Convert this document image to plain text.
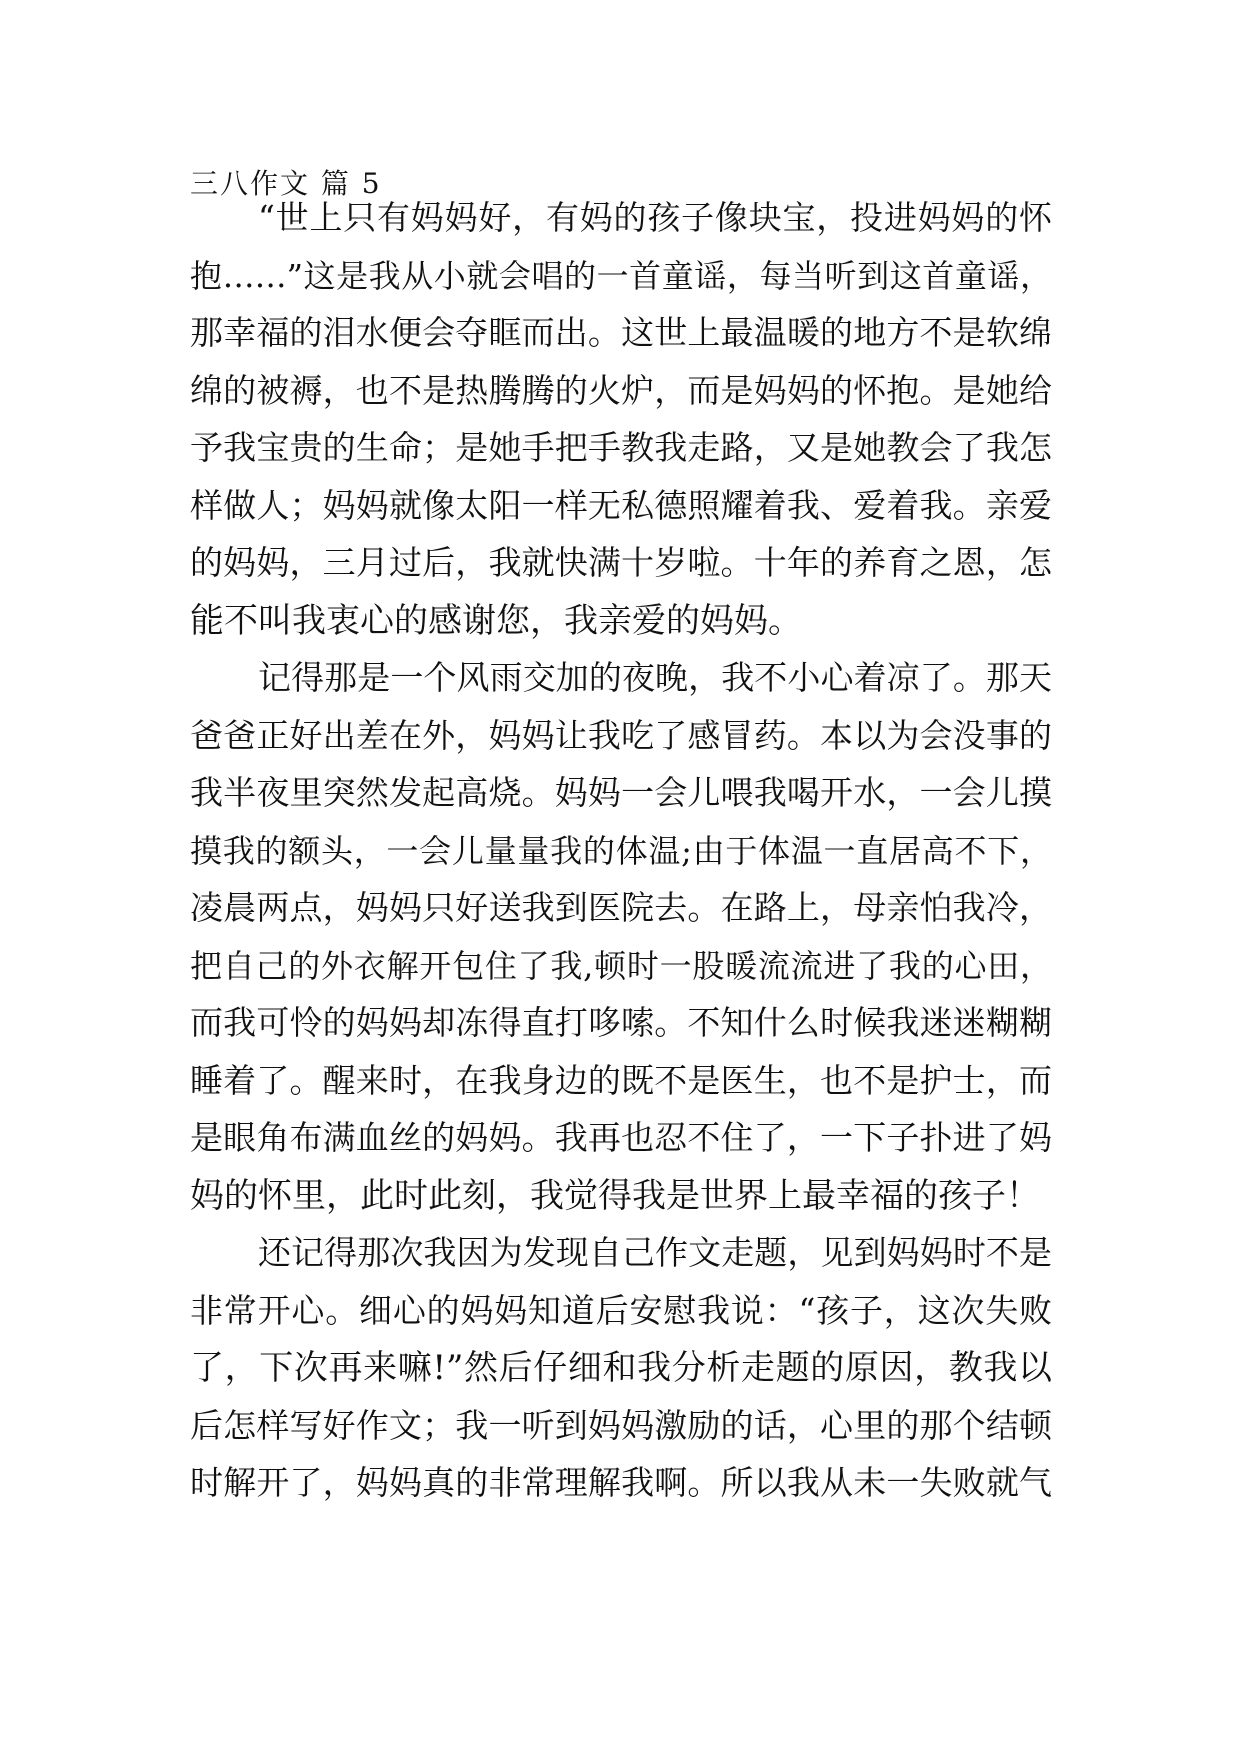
三八作文 篇 5
“世上只有妈妈好，有妈的孩子像块宝，投进妈妈的怀
抱……”这是我从小就会唱的一首童谣，每当听到这首童谣，
那幸福的泪水便会夺眶而出。这世上最温暖的地方不是软绵
绵的被褥，也不是热腾腾的火炉，而是妈妈的怀抱。是她给
予我宝贵的生命；是她手把手教我走路，又是她教会了我怎
样做人；妈妈就像太阳一样无私德照耀着我、爱着我。亲爱
的妈妈，三月过后，我就快满十岁啦。十年的养育之恩，怎
能不叫我衷心的感谢您，我亲爱的妈妈。
记得那是一个风雨交加的夜晚，我不小心着凉了。那天
爸爸正好出差在外，妈妈让我吃了感冒药。本以为会没事的
我半夜里突然发起高烧。妈妈一会儿喂我喝开水，一会儿摸
摸我的额头，一会儿量量我的体温;由于体温一直居高不下，
凌晨两点，妈妈只好送我到医院去。在路上，母亲怕我冷，
把自己的外衣解开包住了我,顿时一股暖流流进了我的心田，
而我可怜的妈妈却冻得直打哆嗦。不知什么时候我迷迷糊糊
睡着了。醒来时，在我身边的既不是医生，也不是护士，而
是眼角布满血丝的妈妈。我再也忍不住了，一下子扑进了妈
妈的怀里，此时此刻，我觉得我是世界上最幸福的孩子！
还记得那次我因为发现自己作文走题，见到妈妈时不是
非常开心。细心的妈妈知道后安慰我说：“孩子，这次失败
了，下次再来嘛!”然后仔细和我分析走题的原因，教我以
后怎样写好作文；我一听到妈妈激励的话，心里的那个结顿
时解开了，妈妈真的非常理解我啊。所以我从未一失败就气
